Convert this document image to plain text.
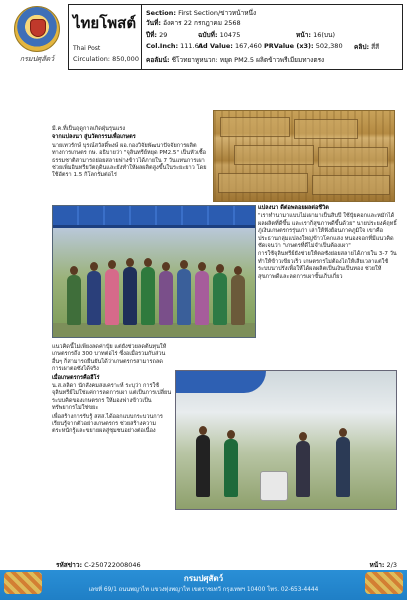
กรมปศุสัตว์
ไทยโพสต์
Thai Post
Circulation: 850,000
Section: First Section/ข่าวหน้าหนึ่ง
วันที่: อังคาร 22 กรกฎาคม 2568
ปีที่: 29	ฉบับที่: 10475	หน้า: 16(บน)
Col.Inch: 111.64
Ad Value: 167,460 PRValue (x3): 502,380 คลิป: สี่สี
คอลัมน์: ชีโวทยาหูหนวก: หยุด PM2.5 ผลิตข้าวพรีเมียมทางตรง

มี.ค.ที่เป็นฤดูกาลเกิดฝุ่นรุนแรง

จากแปลงนา สู่นวัตกรรมเพื่อเกษตร

นายเทวรักษ์ บุรณ์สวัสดิ์พงษ์ ผอ.กองวิจัยพัฒนาปัจจัยการผลิตทางการเกษตร กษ. อธิบายว่า "จุลินทรีย์หยุด PM2.5" เป็นหัวเชื้อธรรมชาติสามารถย่อยสลายฟางข้าวได้ภายใน 7 วันแทนการเผา ช่วยเพิ่มอินทรียวัตถุดินและยังทำให้ผลผลิตสูงขึ้นในระยะยาว โดยใช้อัตรา 1.5 กิโลกรัมต่อไร่

แปลงนา ดีต่อพลอยผลต่อชีวิต

"เราทำนามาแบบไม่เผามาเป็นสิบปี ใช้ปุ๋ยคอกและหมักได้ผลผลิตที่ดีขึ้น และเราก็สุขภาพดีขึ้นด้วย" นายประยงค์ฤทธิ์ ภู่เงินเกษตรกรรุ่นเก่า เล่าให้ฟังย้อนภาคภูมิใจ เขาคือประธานกลุ่มแปลงใหญ่ข้าวโคกแสง หนองจอกที่มีแนวคิดชัดเจนว่า "เกษตรที่ดีไม่จำเป็นต้องเผา"

การใช้จุลินทรีย์ยังช่วยให้ตอซังย่อยสลายได้ภายใน 3-7 วัน ทำให้ข้าวเขียวเร็ว เกษตรกรไม่ต้องไถให้เสียเวลาแต่ใช้ระบบนาปรังเพื่อให้ได้ผลผลิตเป็นเงินเป็นทอง ช่วยให้สุขภาพดีและลดการเผาขั้นเก็บเกี่ยว

แนวคิดนี้ไม่เพียงลดค่าปุ๋ย แต่ยังช่วยลดต้นทุนให้เกษตรกรถึง 300 บาทต่อไร่ ซึ่งอเมื่อรวมกับส่วนอื่นๆ ก็สามารถยืนยันได้ว่าเกษตรกรสามารถลดการเผาตอซังได้จริง

เมื่อเกษตรกรคือฮีโร่

น.ส.ลลิดา นักสังคมสงเคราะห์ ระบุว่า การใช้จุลินทรีย์ไม่ใช่แค่การลดการเผา แต่เป็นการเปลี่ยนระบบคิดของเกษตรกร ให้มองฟางข้าวเป็นทรัพยากรไม่ใช่ขยะ

เพื่อสร้างการรับรู้ สสส.ได้ออกแบบกระบวนการเรียนรู้จากตัวอย่างเกษตรกร ช่วยสร้างความตระหนักรู้และขยายผลสู่ชุมชนอย่างต่อเนื่อง

รหัสข่าว: C-250722008046	หน้า: 2/3
กรมปศุสัตว์
เลขที่ 69/1 ถนนพญาไท แขวงทุ่งพญาไท เขตราชเทวี กรุงเทพฯ 10400 โทร. 02-653-4444
